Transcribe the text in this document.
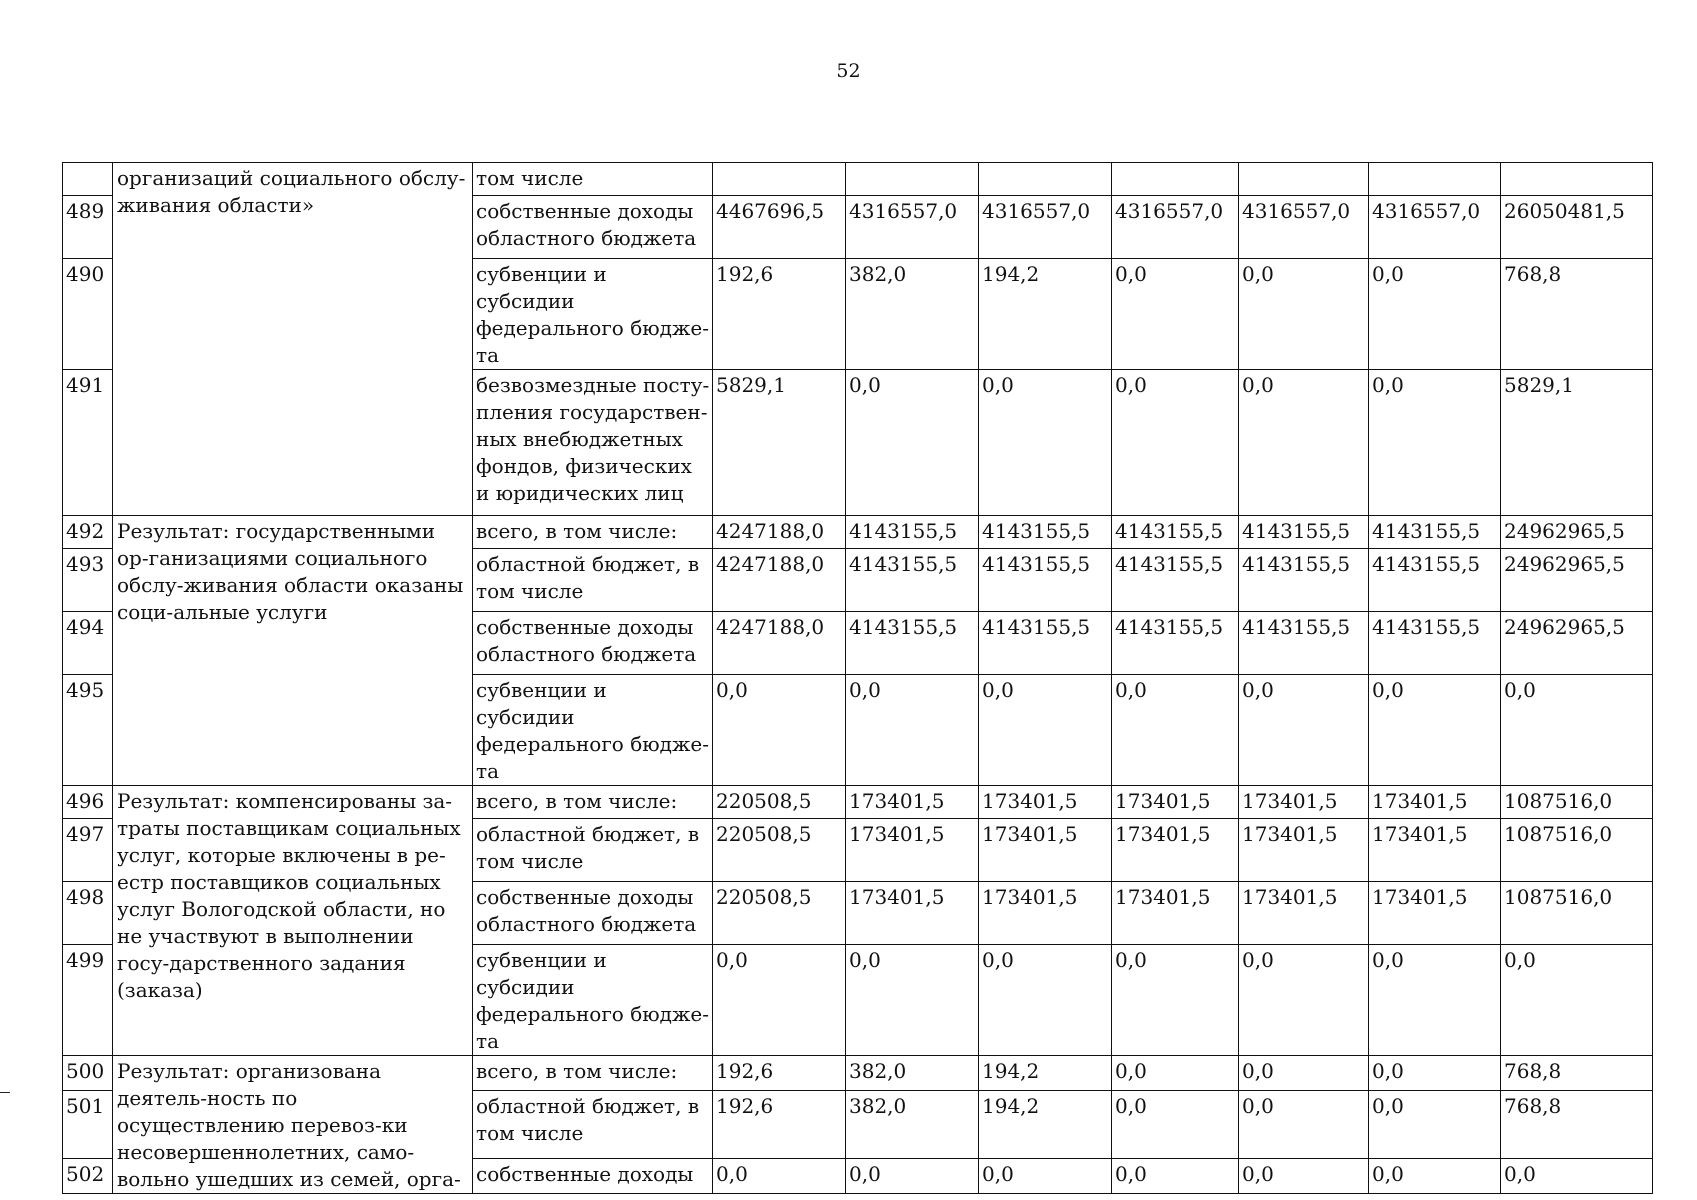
52
	организаций социального обслу-живания области»	том числе							
489		собственные доходы областного бюджета	4467696,5	4316557,0	4316557,0	4316557,0	4316557,0	4316557,0	26050481,5
490		субвенции и субсидии федерального бюдже-та	192,6	382,0	194,2	0,0	0,0	0,0	768,8
491		безвозмездные посту-пления государствен-ных внебюджетных фондов, физических и юридических лиц	5829,1	0,0	0,0	0,0	0,0	0,0	5829,1
492	Результат: государственными ор-ганизациями социального обслу-живания области оказаны соци-альные услуги	всего, в том числе:	4247188,0	4143155,5	4143155,5	4143155,5	4143155,5	4143155,5	24962965,5
493		областной бюджет, в том числе	4247188,0	4143155,5	4143155,5	4143155,5	4143155,5	4143155,5	24962965,5
494		собственные доходы областного бюджета	4247188,0	4143155,5	4143155,5	4143155,5	4143155,5	4143155,5	24962965,5
495		субвенции и субсидии федерального бюдже-та	0,0	0,0	0,0	0,0	0,0	0,0	0,0
496	Результат: компенсированы за-траты поставщикам социальных услуг, которые включены в ре-естр поставщиков социальных услуг Вологодской области, но не участвуют в выполнении госу-дарственного задания (заказа)	всего, в том числе:	220508,5	173401,5	173401,5	173401,5	173401,5	173401,5	1087516,0
497		областной бюджет, в том числе	220508,5	173401,5	173401,5	173401,5	173401,5	173401,5	1087516,0
498		собственные доходы областного бюджета	220508,5	173401,5	173401,5	173401,5	173401,5	173401,5	1087516,0
499		субвенции и субсидии федерального бюдже-та	0,0	0,0	0,0	0,0	0,0	0,0	0,0
500	Результат: организована деятель-ность по осуществлению перевоз-ки несовершеннолетних, само-вольно ушедших из семей, орга-	всего, в том числе:	192,6	382,0	194,2	0,0	0,0	0,0	768,8
501		областной бюджет, в том числе	192,6	382,0	194,2	0,0	0,0	0,0	768,8
502		собственные доходы	0,0	0,0	0,0	0,0	0,0	0,0	0,0
